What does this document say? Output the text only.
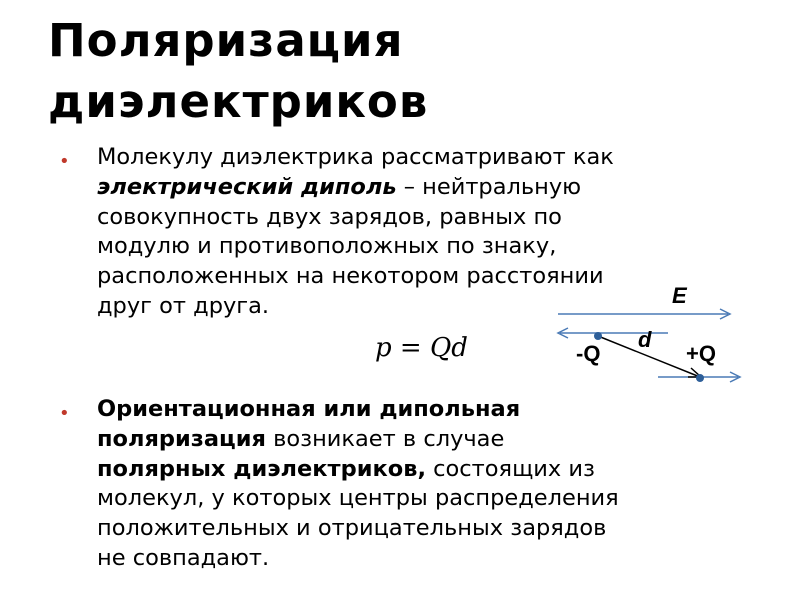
Поляризация
диэлектриков
• Молекулу диэлектрика рассматривают как
электрический диполь – нейтральную
совокупность двух зарядов, равных по
модулю и противоположных по знаку,
расположенных на некотором расстоянии
друг от друга.
p = Qd
E
d
-Q	+Q
• Ориентационная или дипольная
поляризация возникает в случае
полярных диэлектриков, состоящих из
молекул, у которых центры распределения
положительных и отрицательных зарядов
не совпадают.
